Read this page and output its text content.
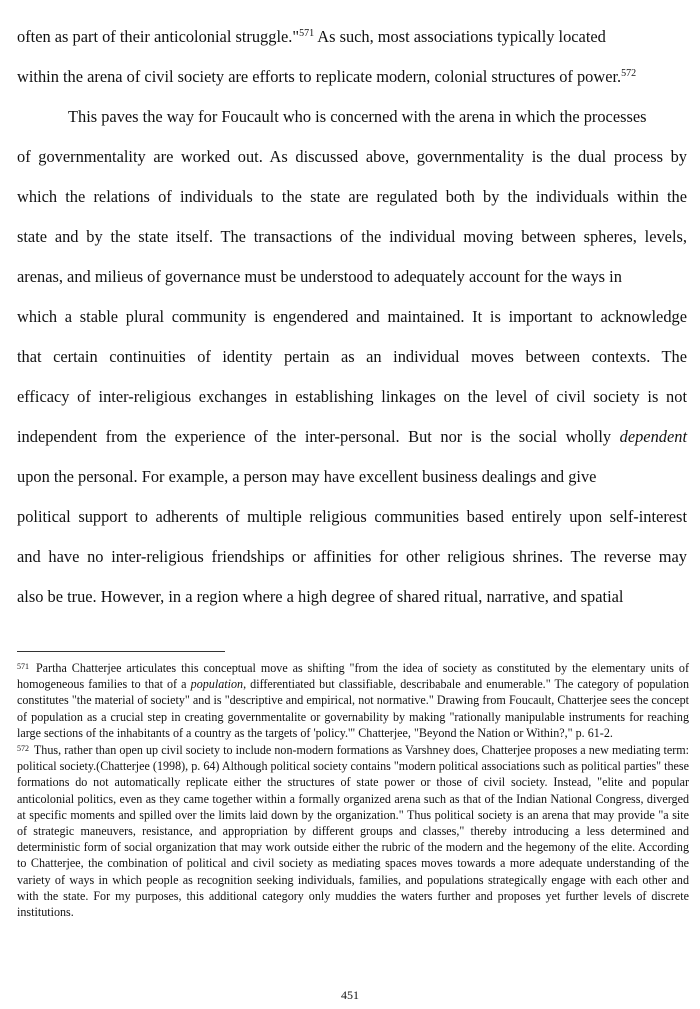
often as part of their anticolonial struggle."$^{571}$ As such, most associations typically located
within the arena of civil society are efforts to replicate modern, colonial structures of power.$^{572}$
This paves the way for Foucault who is concerned with the arena in which the processes
of governmentality are worked out. As discussed above, governmentality is the dual process by
which the relations of individuals to the state are regulated both by the individuals within the
state and by the state itself. The transactions of the individual moving between spheres, levels,
arenas, and milieus of governance must be understood to adequately account for the ways in
which a stable plural community is engendered and maintained. It is important to acknowledge
that certain continuities of identity pertain as an individual moves between contexts. The
efficacy of inter-religious exchanges in establishing linkages on the level of civil society is not
independent from the experience of the inter-personal. But nor is the social wholly dependent
upon the personal. For example, a person may have excellent business dealings and give
political support to adherents of multiple religious communities based entirely upon self-interest
and have no inter-religious friendships or affinities for other religious shrines. The reverse may
also be true. However, in a region where a high degree of shared ritual, narrative, and spatial

$^{571}$ Partha Chatterjee articulates this conceptual move as shifting "from the idea of society as constituted by the elementary units of homogeneous families to that of a population, differentiated but classifiable, describabale and enumerable." The category of population constitutes "the material of society" and is "descriptive and empirical, not normative." Drawing from Foucault, Chatterjee sees the concept of population as a crucial step in creating governmentalite or governability by making "rationally manipulable instruments for reaching large sections of the inhabitants of a country as the targets of 'policy.'" Chatterjee, "Beyond the Nation or Within?," p. 61-2.

$^{572}$ Thus, rather than open up civil society to include non-modern formations as Varshney does, Chatterjee proposes a new mediating term: political society.(Chatterjee (1998), p. 64) Although political society contains "modern political associations such as political parties" these formations do not automatically replicate either the structures of state power or those of civil society. Instead, "elite and popular anticolonial politics, even as they came together within a formally organized arena such as that of the Indian National Congress, diverged at specific moments and spilled over the limits laid down by the organization." Thus political society is an arena that may provide "a site of strategic maneuvers, resistance, and appropriation by different groups and classes," thereby introducing a less determined and deterministic form of social organization that may work outside either the rubric of the modern and the hegemony of the elite. According to Chatterjee, the combination of political and civil society as mediating spaces moves towards a more adequate understanding of the variety of ways in which people as recognition seeking individuals, families, and populations strategically engage with each other and with the state. For my purposes, this additional category only muddies the waters further and proposes yet further levels of discrete institutions.

451
